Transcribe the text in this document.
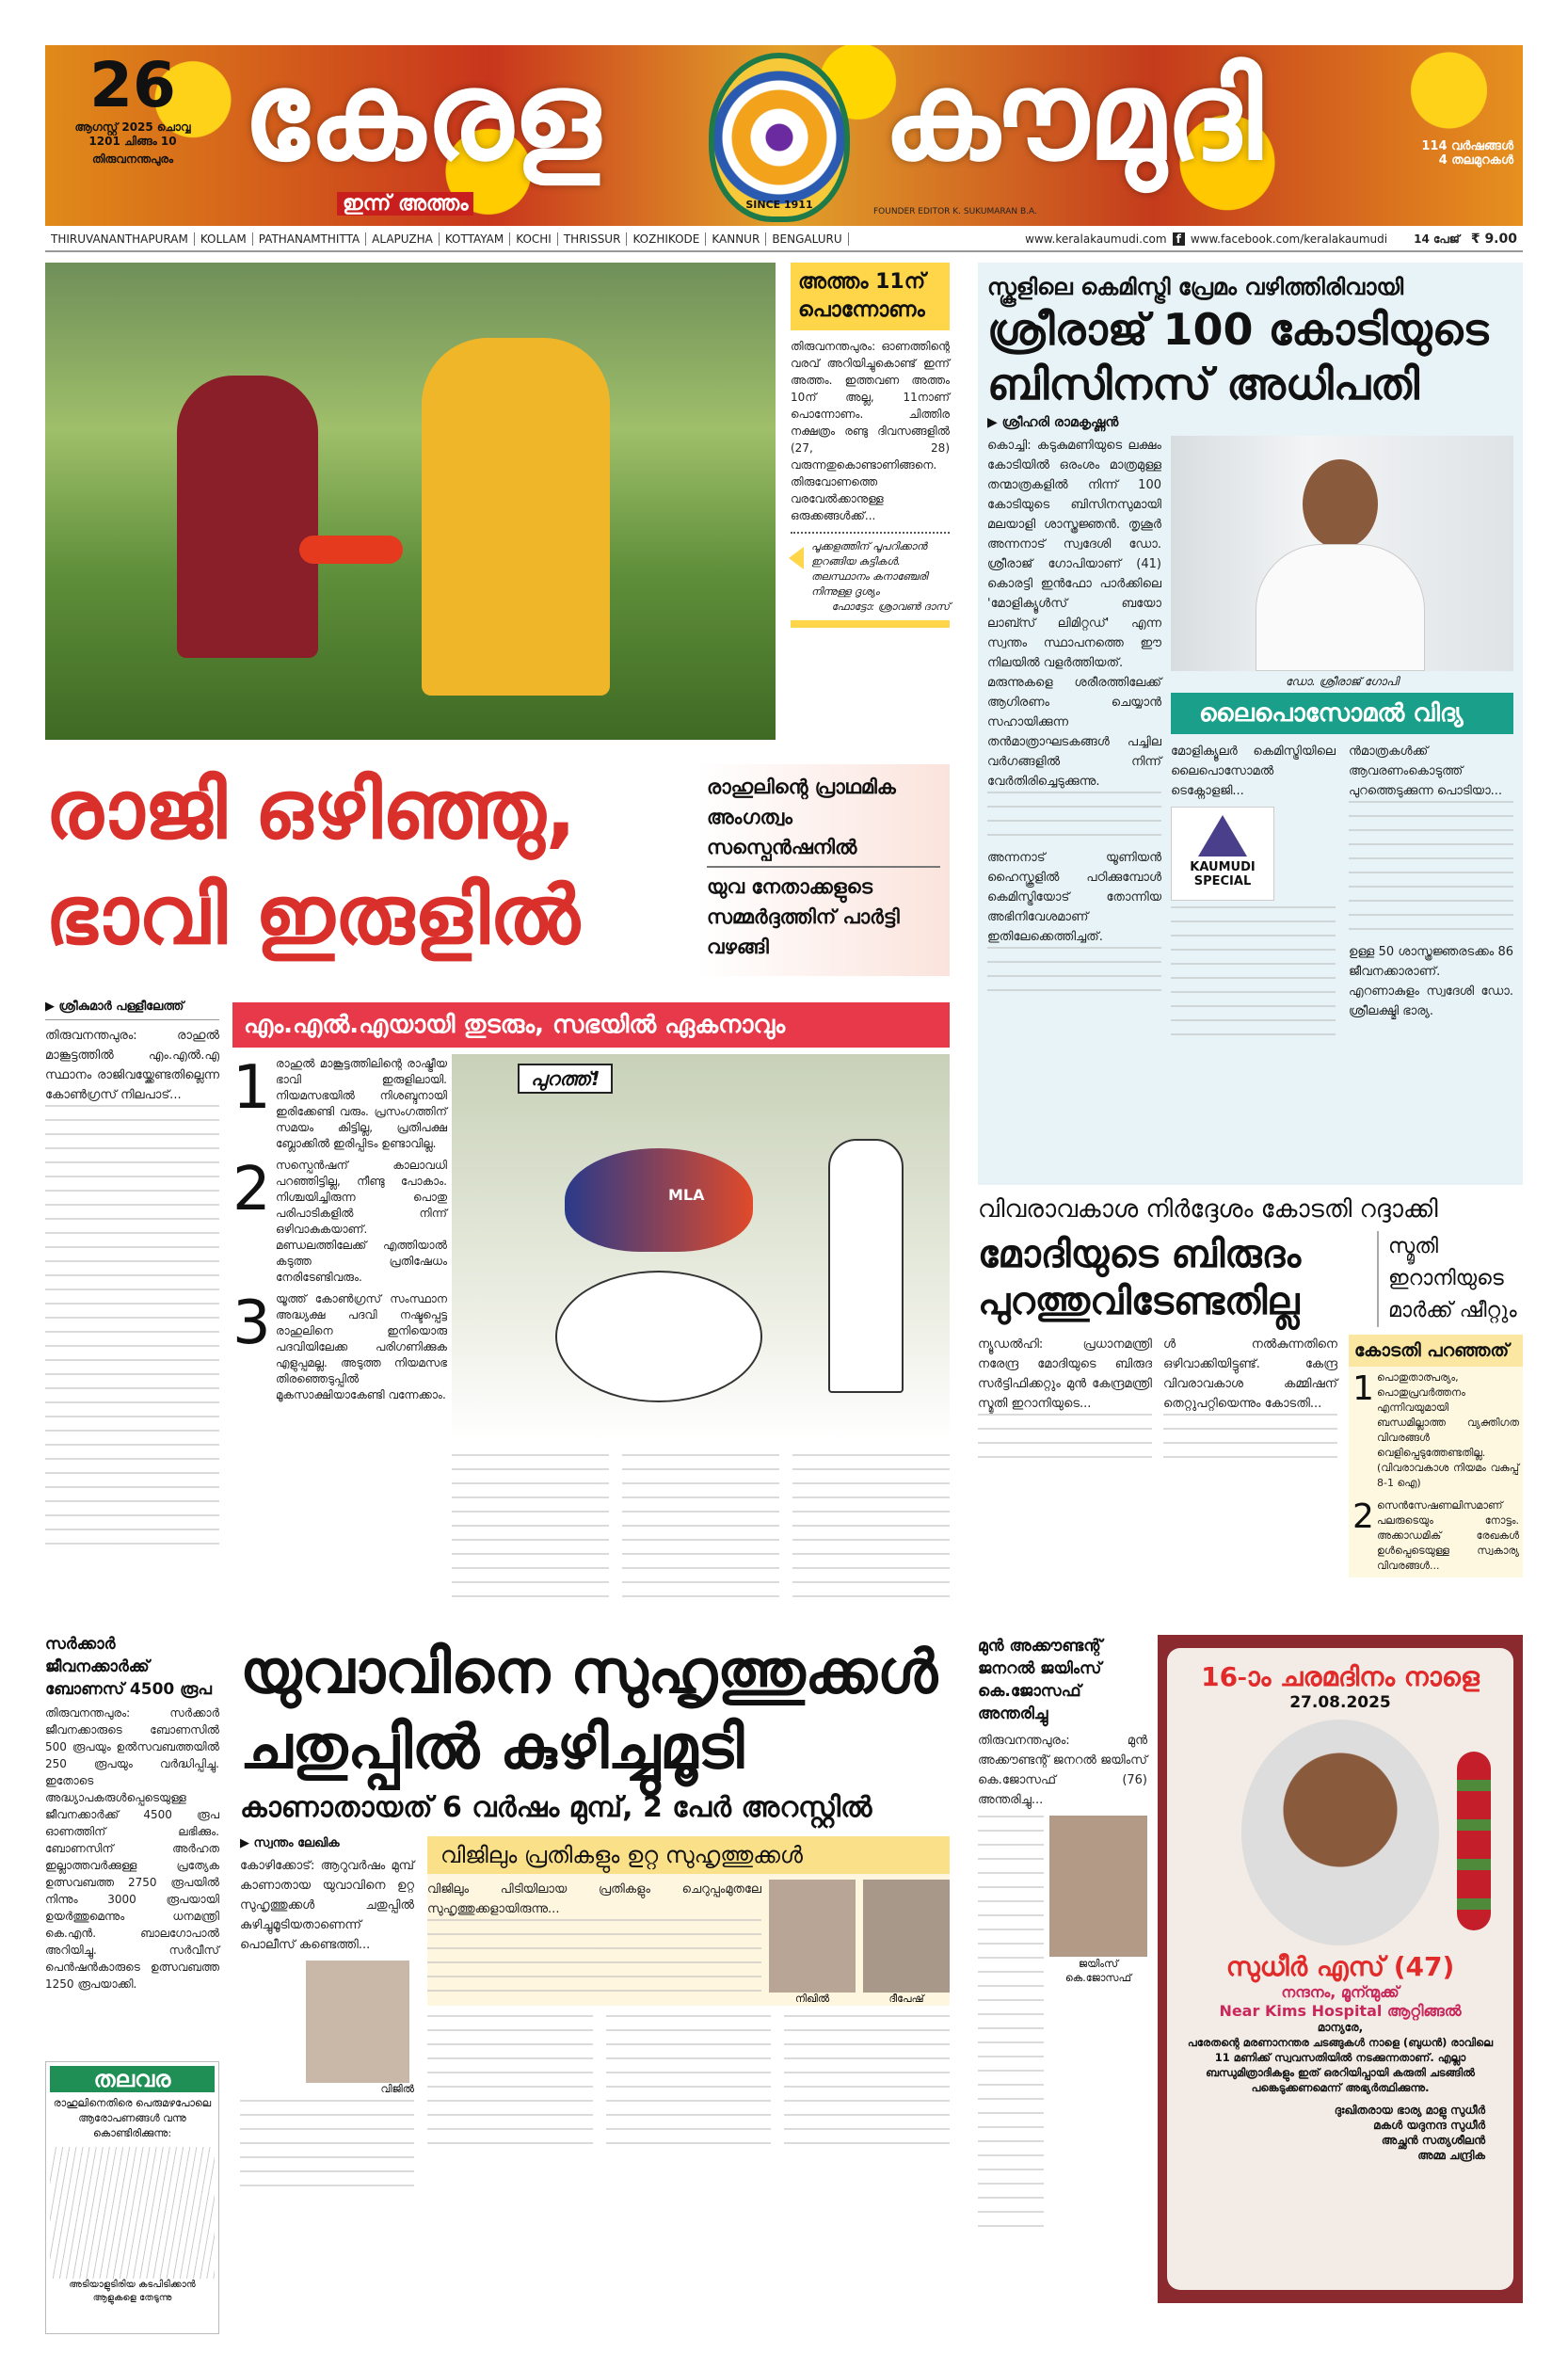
26
ആഗസ്റ്റ് 2025 ചൊവ്വ
1201 ചിങ്ങം 10
തിരുവനന്തപുരം കേരള
ഇന്ന് അത്തം	SINCE 1911
കൗമുദി
FOUNDER EDITOR K. SUKUMARAN B.A.
114 വർഷങ്ങൾ
4 തലമുറകൾ
THIRUVANANTHAPURAM	KOLLAM	PATHANAMTHITTA	ALAPUZHA	KOTTAYAM	KOCHI	THRISSUR	KOZHIKODE	KANNUR	BENGALURU	www.keralakaumudi.com f www.facebook.com/keralakaumudi	14 പേജ് ₹ 9.00
അത്തം 11ന് പൊന്നോണം

തിരുവനന്തപുരം: ഓണത്തിന്റെ വരവ് അറിയിച്ചുകൊണ്ട് ഇന്ന് അത്തം. ഇത്തവണ അത്തം 10ന് അല്ല, 11നാണ് പൊന്നോണം. ചിത്തിര നക്ഷത്രം രണ്ടു ദിവസങ്ങളിൽ (27, 28) വരുന്നതുകൊണ്ടാണിങ്ങനെ.

തിരുവോണത്തെ വരവേൽക്കാനുള്ള ഒരുക്കങ്ങൾക്ക്...

പൂക്കളത്തിന് പൂപറിക്കാൻ ഇറങ്ങിയ കുട്ടികൾ. തലസ്ഥാനം കനാഞ്ചേരി നിന്നുള്ള ദൃശ്യം
ഫോട്ടോ: ശ്രാവൺ ദാസ്
സ്കൂളിലെ കെമിസ്ട്രി പ്രേമം വഴിത്തിരിവായി
ശ്രീരാജ് 100 കോടിയുടെ ബിസിനസ് അധിപതി
▶ ശ്രീഹരി രാമകൃഷ്ണൻ

കൊച്ചി: കടുകുമണിയുടെ ലക്ഷം കോടിയിൽ ഒരംശം മാത്രമുള്ള തന്മാത്രകളിൽ നിന്ന് 100 കോടിയുടെ ബിസിനസുമായി മലയാളി ശാസ്ത്രജ്ഞൻ. തൃശൂർ അന്നനാട് സ്വദേശി ഡോ. ശ്രീരാജ് ഗോപിയാണ് (41) കൊരട്ടി ഇൻഫോ പാർക്കിലെ 'മോളിക്യൂൾസ് ബയോ ലാബ്സ് ലിമിറ്റഡ്' എന്ന സ്വന്തം സ്ഥാപനത്തെ ഈ നിലയിൽ വളർത്തിയത്.

മരുന്നുകളെ ശരീരത്തിലേക്ക് ആഗിരണം ചെയ്യാൻ സഹായിക്കുന്ന തൻമാത്രാഘടകങ്ങൾ പച്ചില വർഗങ്ങളിൽ നിന്ന് വേർതിരിച്ചെടുക്കുന്നു.

അന്നനാട് യൂണിയൻ ഹൈസ്കൂളിൽ പഠിക്കുമ്പോൾ കെമിസ്ട്രിയോട് തോന്നിയ അഭിനിവേശമാണ് ഇതിലേക്കെത്തിച്ചത്.

ഡോ. ശ്രീരാജ് ഗോപി
ലൈപൊസോമൽ വിദ്യ

മോളിക്യൂലർ കെമിസ്ട്രിയിലെ ലൈപൊസോമൽ ടെക്നോളജി...

KAUMUDI SPECIAL

ൻമാത്രകൾക്ക് ആവരണംകൊടുത്ത് പുറത്തെടുക്കുന്ന പൊടിയാ...

ഉള്ള 50 ശാസ്ത്രജ്ഞരടക്കം 86 ജീവനക്കാരാണ്. എറണാകുളം സ്വദേശി ഡോ. ശ്രീലക്ഷ്മി ഭാര്യ.

രാജി ഒഴിഞ്ഞു, ഭാവി ഇരുളിൽ
രാഹുലിന്റെ പ്രാഥമിക അംഗത്വം സസ്പെൻഷനിൽ
യുവ നേതാക്കളുടെ സമ്മർദ്ദത്തിന് പാർട്ടി വഴങ്ങി
▶ ശ്രീകുമാർ പള്ളീലേത്ത്

തിരുവനന്തപുരം: രാഹുൽ മാങ്കൂട്ടത്തിൽ എം.എൽ.എ സ്ഥാനം രാജിവയ്ക്കേണ്ടതില്ലെന്ന കോൺഗ്രസ് നിലപാട്...

എം.എൽ.എയായി തുടരും, സഭയിൽ ഏകനാവും
1 രാഹുൽ മാങ്കൂട്ടത്തിലിന്റെ രാഷ്ട്രീയ ഭാവി ഇരുളിലായി. നിയമസഭയിൽ നിശബ്ദനായി ഇരിക്കേണ്ടി വരും. പ്രസംഗത്തിന് സമയം കിട്ടില്ല, പ്രതിപക്ഷ ബ്ലോക്കിൽ ഇരിപ്പിടം ഉണ്ടാവില്ല.

2 സസ്പെൻഷന് കാലാവധി പറഞ്ഞിട്ടില്ല, നീണ്ടു പോകാം. നിശ്ചയിച്ചിരുന്ന പൊതു പരിപാടികളിൽ നിന്ന് ഒഴിവാകുകയാണ്. മണ്ഡലത്തിലേക്ക് എത്തിയാൽ കടുത്ത പ്രതിഷേധം നേരിടേണ്ടിവരും.

3 യൂത്ത് കോൺഗ്രസ് സംസ്ഥാന അദ്ധ്യക്ഷ പദവി നഷ്ടപ്പെട്ട രാഹുലിനെ ഇനിയൊരു പദവിയിലേക്ക പരിഗണിക്കുക എളുപ്പമല്ല. അടുത്ത നിയമസഭ തിരഞ്ഞെടുപ്പിൽ മൂകസാക്ഷിയാകേണ്ടി വന്നേക്കാം.

പുറത്ത്!
MLA
വിവരാവകാശ നിർദ്ദേശം കോടതി റദ്ദാക്കി
മോദിയുടെ ബിരുദം പുറത്തുവിടേണ്ടതില്ല
സ്മൃതി ഇറാനിയുടെ മാർക്ക് ഷീറ്റും

ന്യൂഡൽഹി: പ്രധാനമന്ത്രി നരേന്ദ്ര മോദിയുടെ ബിരുദ സർട്ടിഫിക്കറ്റും മുൻ കേന്ദ്രമന്ത്രി സ്മൃതി ഇറാനിയുടെ...

ൾ നൽകുന്നതിനെ ഒഴിവാക്കിയിട്ടുണ്ട്. കേന്ദ്ര വിവരാവകാശ കമ്മിഷന് തെറ്റുപറ്റിയെന്നും കോടതി...

കോടതി പറഞ്ഞത്
1 പൊതുതാത്പര്യം, പൊതുപ്രവർത്തനം എന്നിവയുമായി ബന്ധമില്ലാത്ത വ്യക്തിഗത വിവരങ്ങൾ വെളിപ്പെടുത്തേണ്ടതില്ല. (വിവരാവകാശ നിയമം വകുപ്പ് 8-1 ഐ)

2 സെൻസേഷണലിസമാണ് പലരുടെയും നോട്ടം. അക്കാഡമിക് രേഖകൾ ഉൾപ്പെടെയുള്ള സ്വകാര്യ വിവരങ്ങൾ...

സർക്കാർ ജീവനക്കാർക്ക് ബോണസ് 4500 രൂപ

തിരുവനന്തപുരം: സർക്കാർ ജീവനക്കാരുടെ ബോണസിൽ 500 രൂപയും ഉൽസവബത്തയിൽ 250 രൂപയും വർദ്ധിപ്പിച്ചു. ഇതോടെ അദ്ധ്യാപകരുൾപ്പെടെയുള്ള ജീവനക്കാർക്ക് 4500 രൂപ ഓണത്തിന് ലഭിക്കും. ബോണസിന് അർഹത ഇല്ലാത്തവർക്കുള്ള പ്രത്യേക ഉത്സവബത്ത 2750 രൂപയിൽ നിന്നും 3000 രൂപയായി ഉയർത്തുമെന്നും ധനമന്ത്രി കെ.എൻ. ബാലഗോപാൽ അറിയിച്ചു. സർവീസ് പെൻഷൻകാരുടെ ഉത്സവബത്ത 1250 രൂപയാക്കി.

തലവര
രാഹുലിനെതിരെ പെരുമഴപോലെ ആരോപണങ്ങൾ വന്നു കൊണ്ടിരിക്കുന്നു:
അടിയാളുടിരിയ കടപിടിക്കാൻ ആളുകളെ തേടുന്നു
യുവാവിനെ സുഹൃത്തുക്കൾ ചതുപ്പിൽ കുഴിച്ചുമൂടി
കാണാതായത് 6 വർഷം മുമ്പ്, 2 പേർ അറസ്റ്റിൽ
▶ സ്വന്തം ലേഖിക

കോഴിക്കോട്: ആറുവർഷം മുമ്പ് കാണാതായ യുവാവിനെ ഉറ്റ സുഹൃത്തുക്കൾ ചതുപ്പിൽ കുഴിച്ചുമൂടിയതാണെന്ന് പൊലീസ് കണ്ടെത്തി...

വിജിൽ
വിജിലും പ്രതികളും ഉറ്റ സുഹൃത്തുക്കൾ

വിജിലും പിടിയിലായ പ്രതികളും ചെറുപ്പംമുതലേ സുഹൃത്തുക്കളായിരുന്നു...

നിഖിൽ	ദീപേഷ്
മുൻ അക്കൗണ്ടന്റ് ജനറൽ ജയിംസ് കെ.ജോസഫ് അന്തരിച്ചു

തിരുവനന്തപുരം: മുൻ അക്കൗണ്ടന്റ് ജനറൽ ജയിംസ് കെ.ജോസഫ് (76) അന്തരിച്ചു...

ജയിംസ് കെ.ജോസഫ്
16-ാം ചരമദിനം നാളെ
27.08.2025
സുധീർ എസ് (47)
നന്ദനം, മൂന്ന്മുക്ക്
Near Kims Hospital ആറ്റിങ്ങൽ
മാന്യരേ,
പരേതന്റെ മരണാനന്തര ചടങ്ങുകൾ നാളെ (ബുധൻ) രാവിലെ 11 മണിക്ക് സ്വവസതിയിൽ നടക്കുന്നതാണ്. എല്ലാ ബന്ധുമിത്രാദികളും ഇത് ഒരറിയിപ്പായി കരുതി ചടങ്ങിൽ പങ്കെടുക്കണമെന്ന് അഭ്യർത്ഥിക്കുന്നു.
ദുഃഖിതരായ ഭാര്യ മാളു സുധീർ
മകൾ യദുനന്ദ സുധീർ
അച്ഛൻ സത്യശീലൻ
അമ്മ ചന്ദ്രിക
